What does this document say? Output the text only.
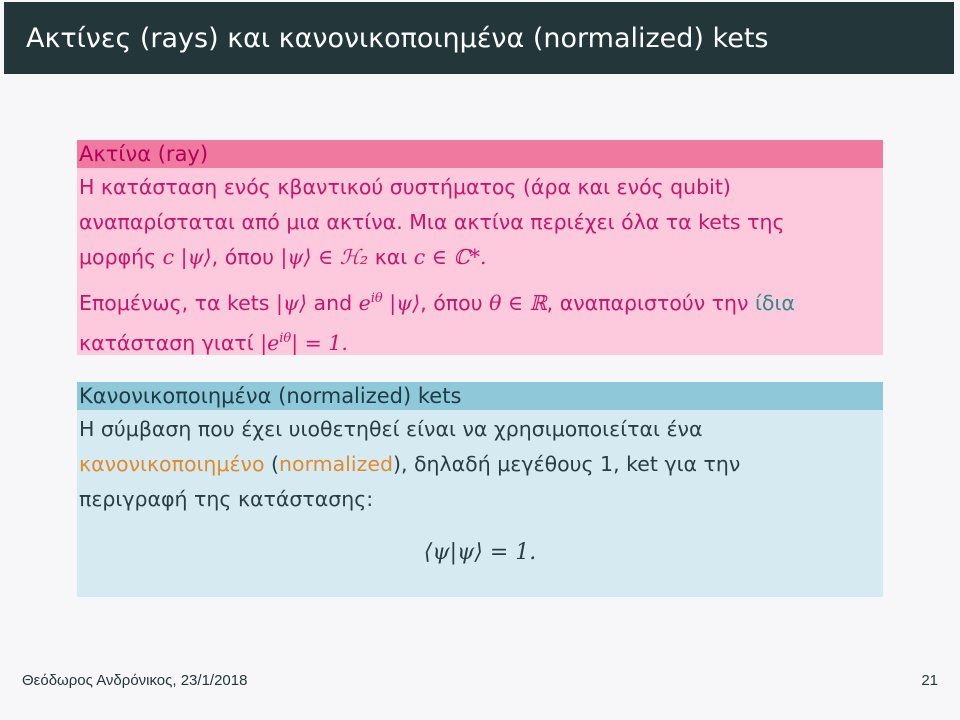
Ακτίνες (rays) και κανονικοποιημένα (normalized) kets
Ακτίνα (ray)

Η κατάσταση ενός κβαντικού συστήματος (άρα και ενός qubit)
αναπαρίσταται από μια ακτίνα. Μια ακτίνα περιέχει όλα τα kets της
μορφής c |ψ⟩, όπου |ψ⟩ ∈ ℋ₂ και c ∈ ℂ*.

Επομένως, τα kets |ψ⟩ and $e^{i\theta}$ |ψ⟩, όπου θ ∈ ℝ, αναπαριστούν την ίδια
κατάσταση γιατί $|e^{i\theta}| = 1$.

Κανονικοποιημένα (normalized) kets

Η σύμβαση που έχει υιοθετηθεί είναι να χρησιμοποιείται ένα
κανονικοποιημένο (normalized), δηλαδή μεγέθους 1, ket για την
περιγραφή της κατάστασης:

⟨ψ|ψ⟩ = 1.
Θεόδωρος Ανδρόνικος, 23/1/2018	21
